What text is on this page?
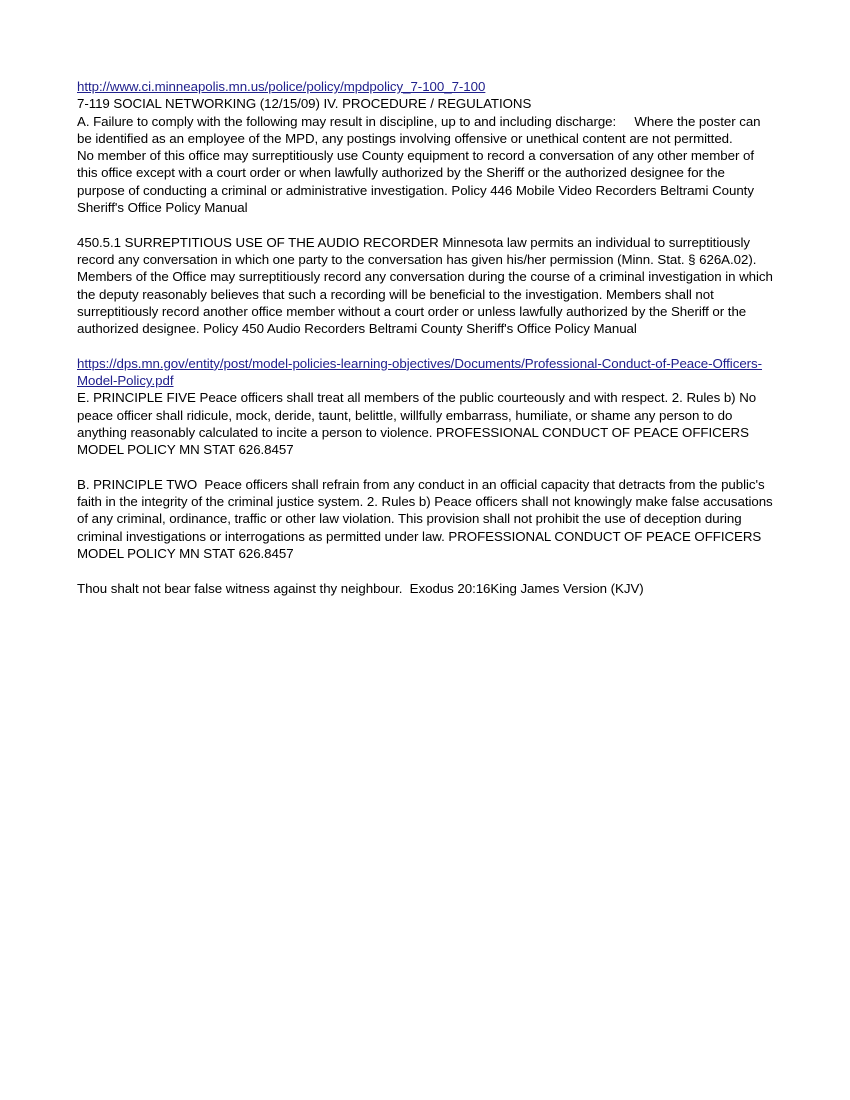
http://www.ci.minneapolis.mn.us/police/policy/mpdpolicy_7-100_7-100
7-119 SOCIAL NETWORKING (12/15/09) IV. PROCEDURE / REGULATIONS
A. Failure to comply with the following may result in discipline, up to and including discharge:     Where the poster can be identified as an employee of the MPD, any postings involving offensive or unethical content are not permitted.
No member of this office may surreptitiously use County equipment to record a conversation of any other member of this office except with a court order or when lawfully authorized by the Sheriff or the authorized designee for the purpose of conducting a criminal or administrative investigation. Policy 446 Mobile Video Recorders Beltrami County Sheriff's Office Policy Manual

450.5.1 SURREPTITIOUS USE OF THE AUDIO RECORDER Minnesota law permits an individual to surreptitiously record any conversation in which one party to the conversation has given his/her permission (Minn. Stat. § 626A.02). Members of the Office may surreptitiously record any conversation during the course of a criminal investigation in which the deputy reasonably believes that such a recording will be beneficial to the investigation. Members shall not surreptitiously record another office member without a court order or unless lawfully authorized by the Sheriff or the authorized designee. Policy 450 Audio Recorders Beltrami County Sheriff's Office Policy Manual

https://dps.mn.gov/entity/post/model-policies-learning-objectives/Documents/Professional-Conduct-of-Peace-Officers-Model-Policy.pdf
E. PRINCIPLE FIVE Peace officers shall treat all members of the public courteously and with respect. 2. Rules b) No peace officer shall ridicule, mock, deride, taunt, belittle, willfully embarrass, humiliate, or shame any person to do anything reasonably calculated to incite a person to violence. PROFESSIONAL CONDUCT OF PEACE OFFICERS MODEL POLICY MN STAT 626.8457

B. PRINCIPLE TWO  Peace officers shall refrain from any conduct in an official capacity that detracts from the public's faith in the integrity of the criminal justice system. 2. Rules b) Peace officers shall not knowingly make false accusations of any criminal, ordinance, traffic or other law violation. This provision shall not prohibit the use of deception during criminal investigations or interrogations as permitted under law. PROFESSIONAL CONDUCT OF PEACE OFFICERS MODEL POLICY MN STAT 626.8457

Thou shalt not bear false witness against thy neighbour.  Exodus 20:16King James Version (KJV)
